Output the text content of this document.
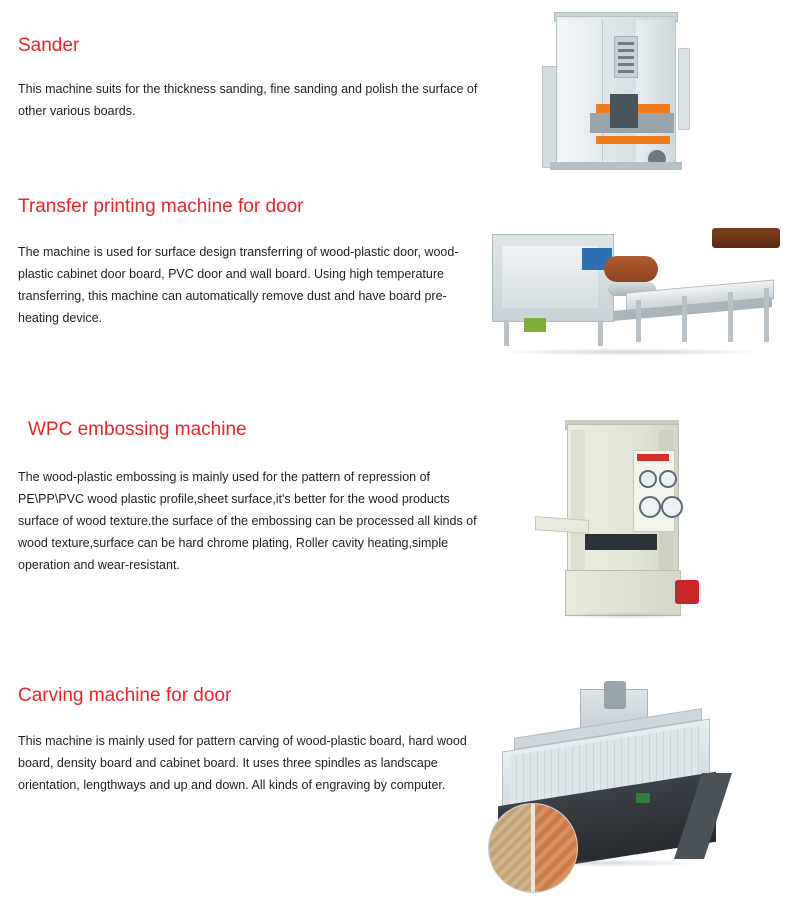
Sander

This machine suits for the thickness sanding, fine sanding and polish the surface of other various boards.

Transfer printing machine for door

The machine is used for surface design transferring of wood-plastic door, wood-plastic cabinet door board, PVC door and wall board. Using high temperature transferring, this machine can automatically remove dust and have board pre-heating device.

WPC embossing machine

The wood-plastic embossing is mainly used for the pattern of repression of PE\PP\PVC wood plastic profile,sheet surface,it's better for the wood products surface of wood texture.the surface of the embossing can be processed all kinds of wood texture,surface can be hard chrome plating, Roller cavity heating,simple operation and wear-resistant.

Carving machine for door

This machine is mainly used for pattern carving of wood-plastic board, hard wood board, density board and cabinet board. It uses three spindles as landscape orientation, lengthways and up and down. All kinds of engraving by computer.
